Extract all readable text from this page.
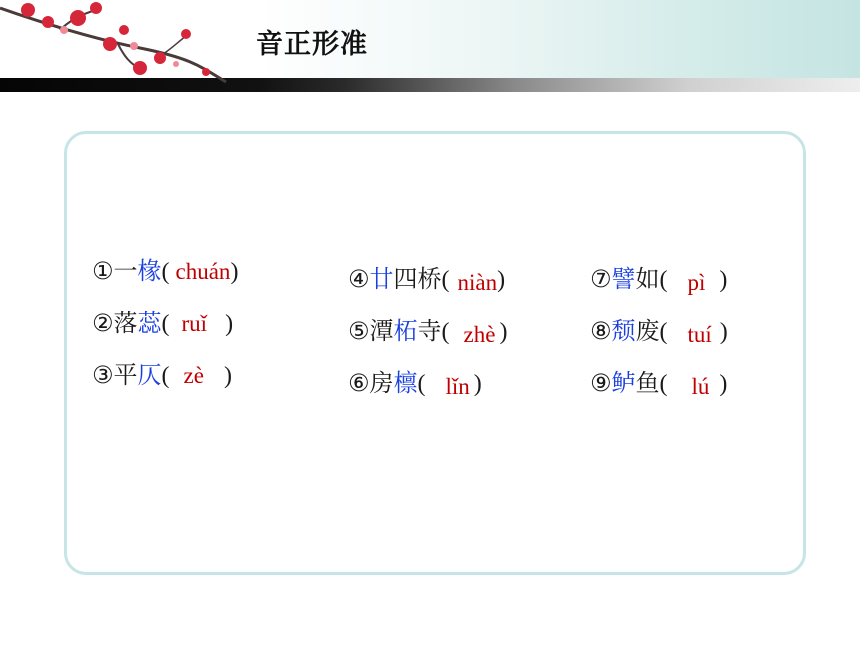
音正形准
①一椽( chuán)
②落蕊( ruǐ )
③平仄( zè )
④廿四桥( niàn)
⑤潭柘寺( zhè )
⑥房檩( lǐn )
⑦譬如( pì )
⑧颓废( tuí )
⑨鲈鱼( lú )
